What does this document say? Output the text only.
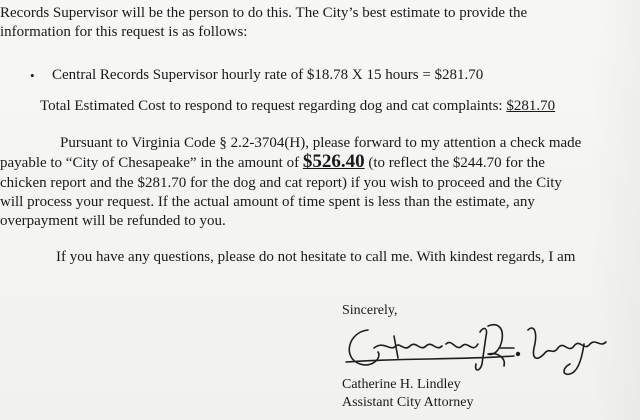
Records Supervisor will be the person to do this. The City’s best estimate to provide the
information for this request is as follows:
• Central Records Supervisor hourly rate of $18.78 X 15 hours = $281.70
Total Estimated Cost to respond to request regarding dog and cat complaints: $281.70
Pursuant to Virginia Code § 2.2-3704(H), please forward to my attention a check made
payable to “City of Chesapeake” in the amount of $526.40 (to reflect the $244.70 for the
chicken report and the $281.70 for the dog and cat report) if you wish to proceed and the City
will process your request. If the actual amount of time spent is less than the estimate, any
overpayment will be refunded to you.
If you have any questions, please do not hesitate to call me. With kindest regards, I am
Sincerely,
Catherine H. Lindley
Assistant City Attorney
